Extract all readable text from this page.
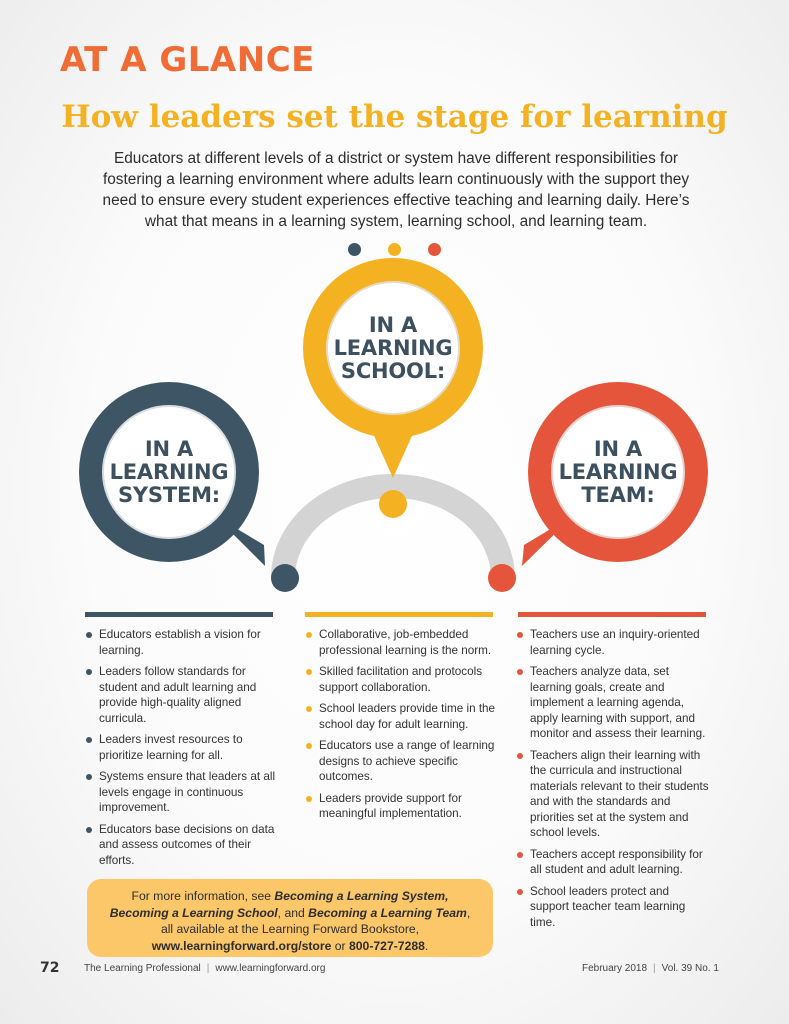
AT A GLANCE
How leaders set the stage for learning

Educators at different levels of a district or system have different responsibilities for fostering a learning environment where adults learn continuously with the support they need to ensure every student experiences effective teaching and learning daily. Here’s what that means in a learning system, learning school, and learning team.

IN A
LEARNING
SYSTEM:
IN A
LEARNING
SCHOOL:
IN A
LEARNING
TEAM:
Educators establish a vision for learning.
Leaders follow standards for student and adult learning and provide high-quality aligned curricula.
Leaders invest resources to prioritize learning for all.
Systems ensure that leaders at all levels engage in continuous improvement.
Educators base decisions on data and assess outcomes of their efforts.
Collaborative, job-embedded professional learning is the norm.
Skilled facilitation and protocols support collaboration.
School leaders provide time in the school day for adult learning.
Educators use a range of learning designs to achieve specific outcomes.
Leaders provide support for meaningful implementation.
Teachers use an inquiry-oriented learning cycle.
Teachers analyze data, set learning goals, create and implement a learning agenda, apply learning with support, and monitor and assess their learning.
Teachers align their learning with the curricula and instructional materials relevant to their students and with the standards and priorities set at the system and school levels.
Teachers accept responsibility for all student and adult learning.
School leaders protect and support teacher team learning time.

For more information, see Becoming a Learning System, Becoming a Learning School, and Becoming a Learning Team, all available at the Learning Forward Bookstore, www.learningforward.org/store or 800-727-7288.

72 The Learning Professional | www.learningforward.org	February 2018 | Vol. 39 No. 1
